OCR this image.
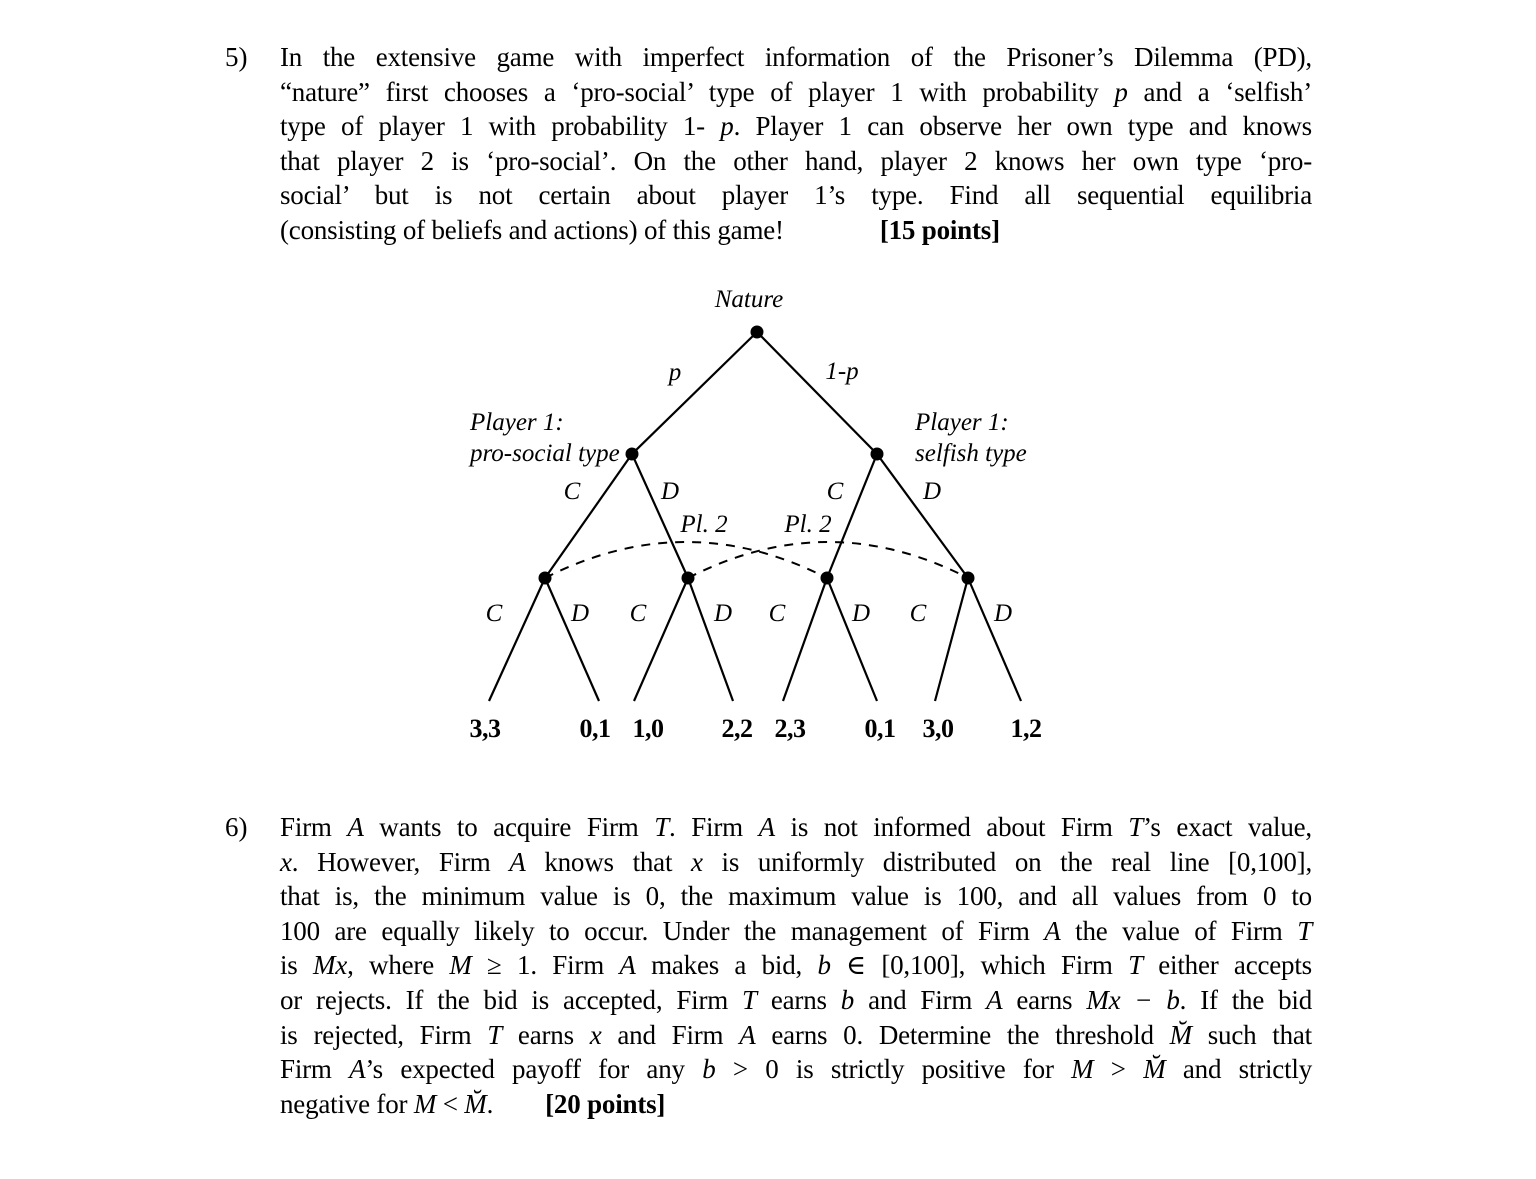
5) In the extensive game with imperfect information of the Prisoner’s Dilemma (PD),
“nature” first chooses a ‘pro-social’ type of player 1 with probability p and a ‘selfish’
type of player 1 with probability 1- p. Player 1 can observe her own type and knows
that player 2 is ‘pro-social’. On the other hand, player 2 knows her own type ‘pro-
social’ but is not certain about player 1’s type. Find all sequential equilibria
(consisting of beliefs and actions) of this game!	[15 points]
Nature
p	1-p
Player 1:
pro-social type
Player 1:
selfish type
C	D	C	D
Pl. 2 Pl. 2
C	D C	D C	D C	D
3,3	0,1 1,0 2,2 2,3 0,1 3,0 1,2
6) Firm A wants to acquire Firm T. Firm A is not informed about Firm T’s exact value,
x. However, Firm A knows that x is uniformly distributed on the real line [0,100],
that is, the minimum value is 0, the maximum value is 100, and all values from 0 to
100 are equally likely to occur. Under the management of Firm A the value of Firm T
is Mx, where M ≥ 1. Firm A makes a bid, b ∈ [0,100], which Firm T either accepts
or rejects. If the bid is accepted, Firm T earns b and Firm A earns Mx − b. If the bid
is rejected, Firm T earns x and Firm A earns 0. Determine the threshold M̆ such that
Firm A’s expected payoff for any b > 0 is strictly positive for M > M̆ and strictly
negative for M < M̆. [20 points]
